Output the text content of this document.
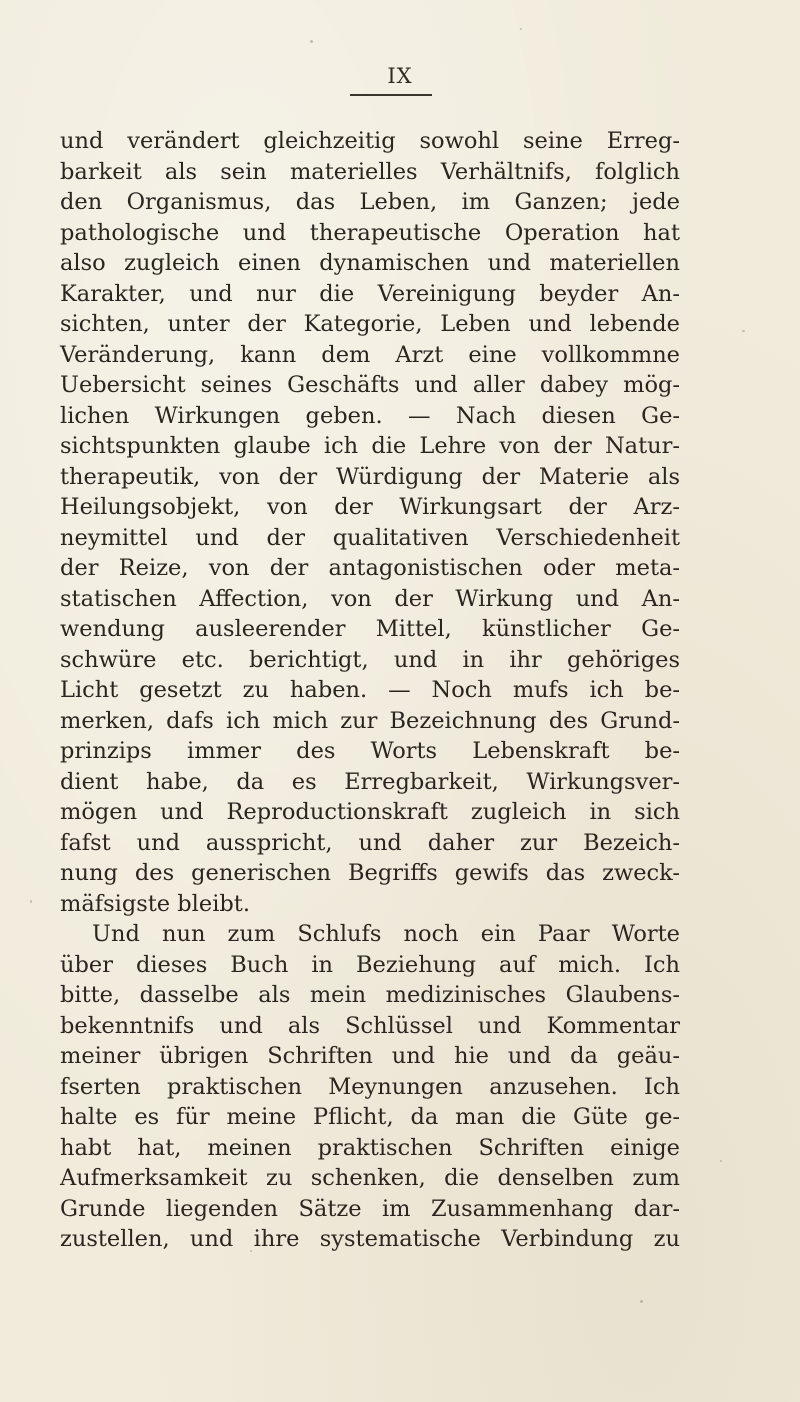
IX
und verändert gleichzeitig sowohl seine Erreg-
barkeit als sein materielles Verhältnifs, folglich
den Organismus, das Leben, im Ganzen; jede
pathologische und therapeutische Operation hat
also zugleich einen dynamischen und materiellen
Karakter, und nur die Vereinigung beyder An-
sichten, unter der Kategorie, Leben und lebende
Veränderung, kann dem Arzt eine vollkommne
Uebersicht seines Geschäfts und aller dabey mög-
lichen Wirkungen geben. — Nach diesen Ge-
sichtspunkten glaube ich die Lehre von der Natur-
therapeutik, von der Würdigung der Materie als
Heilungsobjekt, von der Wirkungsart der Arz-
neymittel und der qualitativen Verschiedenheit
der Reize, von der antagonistischen oder meta-
statischen Affection, von der Wirkung und An-
wendung ausleerender Mittel, künstlicher Ge-
schwüre etc. berichtigt, und in ihr gehöriges
Licht gesetzt zu haben. — Noch mufs ich be-
merken, dafs ich mich zur Bezeichnung des Grund-
prinzips immer des Worts Lebenskraft be-
dient habe, da es Erregbarkeit, Wirkungsver-
mögen und Reproductionskraft zugleich in sich
fafst und ausspricht, und daher zur Bezeich-
nung des generischen Begriffs gewifs das zweck-
mäfsigste bleibt.
Und nun zum Schlufs noch ein Paar Worte
über dieses Buch in Beziehung auf mich. Ich
bitte, dasselbe als mein medizinisches Glaubens-
bekenntnifs und als Schlüssel und Kommentar
meiner übrigen Schriften und hie und da geäu-
fserten praktischen Meynungen anzusehen. Ich
halte es für meine Pflicht, da man die Güte ge-
habt hat, meinen praktischen Schriften einige
Aufmerksamkeit zu schenken, die denselben zum
Grunde liegenden Sätze im Zusammenhang dar-
zustellen, und ihre systematische Verbindung zu
